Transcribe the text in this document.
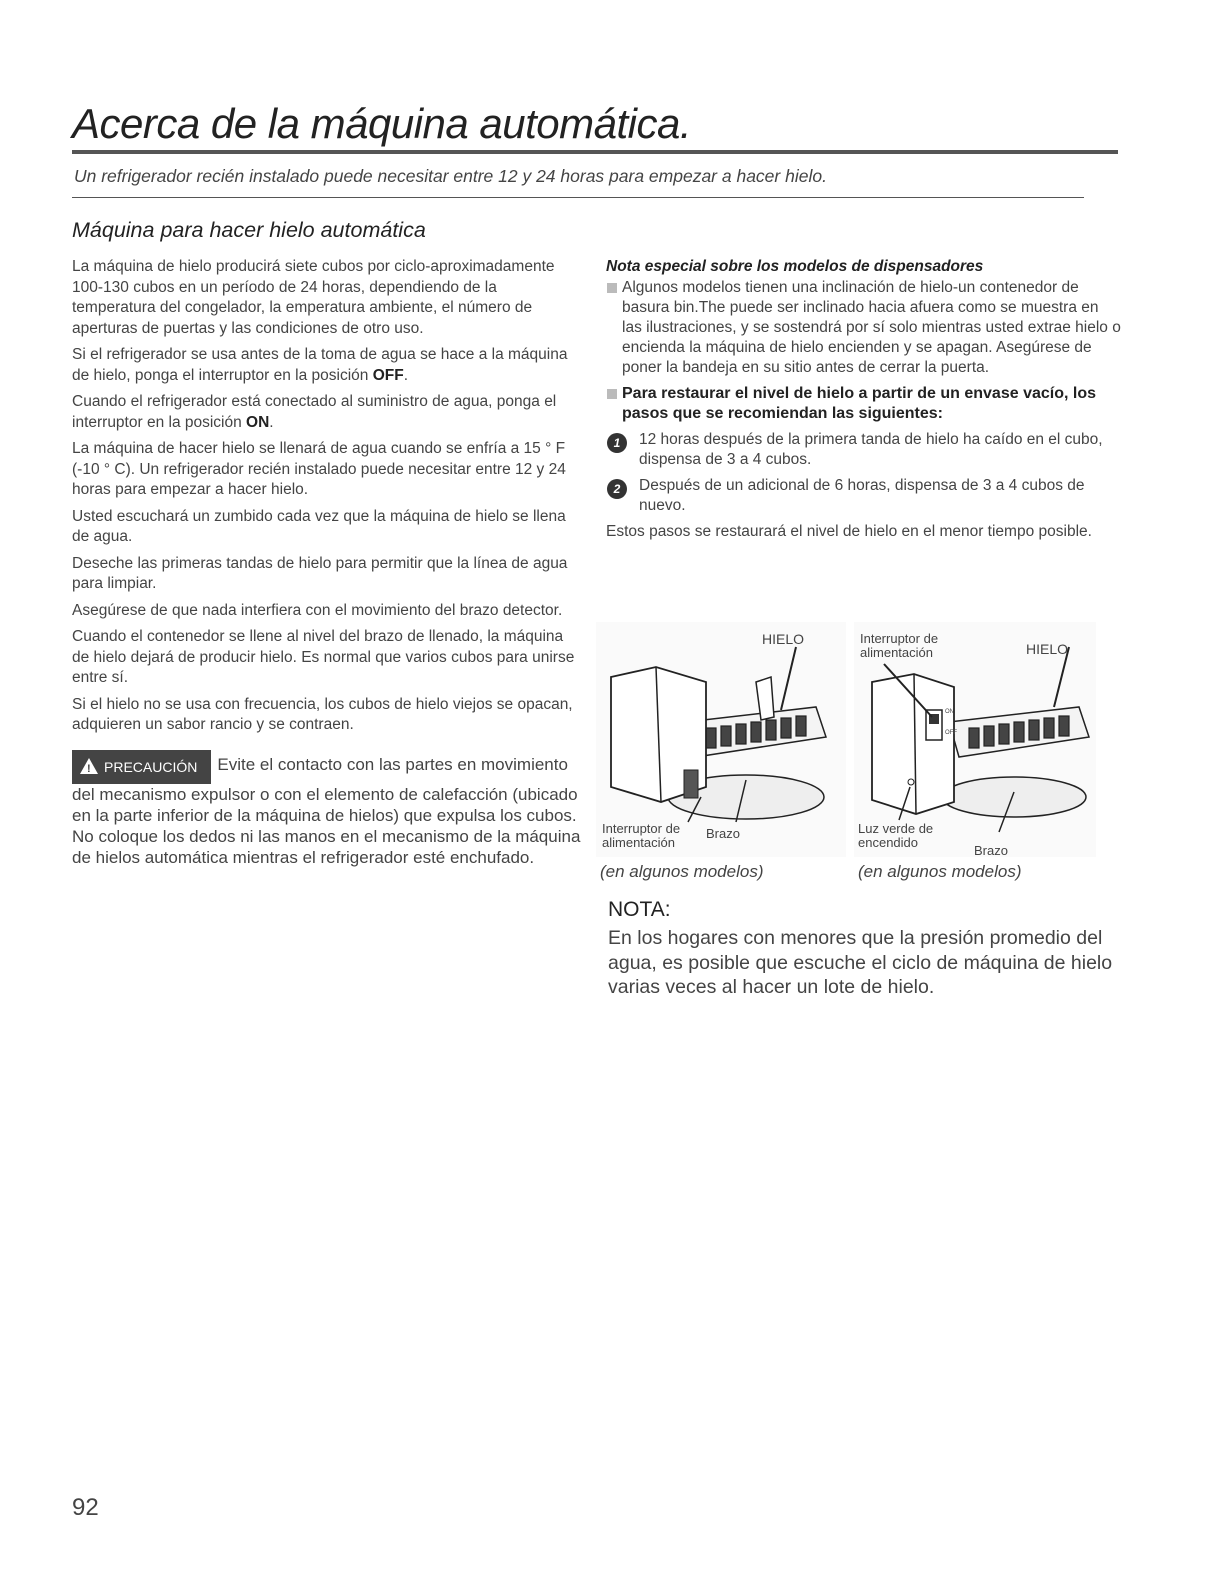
Acerca de la máquina automática.
Un refrigerador recién instalado puede necesitar entre 12 y 24 horas para empezar a hacer hielo.
Máquina para hacer hielo automática

La máquina de hielo producirá siete cubos por ciclo-aproximadamente 100-130 cubos en un período de 24 horas, dependiendo de la temperatura del congelador, la emperatura ambiente, el número de aperturas de puertas y las condiciones de otro uso.

Si el refrigerador se usa antes de la toma de agua se hace a la máquina de hielo, ponga el interruptor en la posición OFF.

Cuando el refrigerador está conectado al suministro de agua, ponga el interruptor en la posición ON.

La máquina de hacer hielo se llenará de agua cuando se enfría a 15 ° F (-10 ° C). Un refrigerador recién instalado puede necesitar entre 12 y 24 horas para empezar a hacer hielo.

Usted escuchará un zumbido cada vez que la máquina de hielo se llena de agua.

Deseche las primeras tandas de hielo para permitir que la línea de agua para limpiar.

Asegúrese de que nada interfiera con el movimiento del brazo detector.

Cuando el contenedor se llene al nivel del brazo de llenado, la máquina de hielo dejará de producir hielo. Es normal que varios cubos para unirse entre sí.

Si el hielo no se usa con frecuencia, los cubos de hielo viejos se opacan, adquieren un sabor rancio y se contraen.

!PRECAUCIÓN Evite el contacto con las partes en movimiento del mecanismo expulsor o con el elemento de calefacción (ubicado en la parte inferior de la máquina de hielos) que expulsa los cubos. No coloque los dedos ni las manos en el mecanismo de la máquina de hielos automática mientras el refrigerador esté enchufado.

Nota especial sobre los modelos de dispensadores

Algunos modelos tienen una inclinación de hielo-un contenedor de basura bin.The puede ser inclinado hacia afuera como se muestra en las ilustraciones, y se sostendrá por sí solo mientras usted extrae hielo o encienda la máquina de hielo encienden y se apagan. Asegúrese de poner la bandeja en su sitio antes de cerrar la puerta.

Para restaurar el nivel de hielo a partir de un envase vacío, los pasos que se recomiendan las siguientes:

1	12 horas después de la primera tanda de hielo ha caído en el cubo, dispensa de 3 a 4 cubos.
2	Después de un adicional de 6 horas, dispensa de 3 a 4 cubos de nuevo.

Estos pasos se restaurará el nivel de hielo en el menor tiempo posible.

HIELO
Interruptor de alimentación
Brazo
(en algunos modelos)
Interruptor de alimentación	HIELO
ON
OFF
Luz verde de encendido
Brazo
(en algunos modelos)
NOTA:

En los hogares con menores que la presión promedio del agua, es posible que escuche el ciclo de máquina de hielo varias veces al hacer un lote de hielo.

92
